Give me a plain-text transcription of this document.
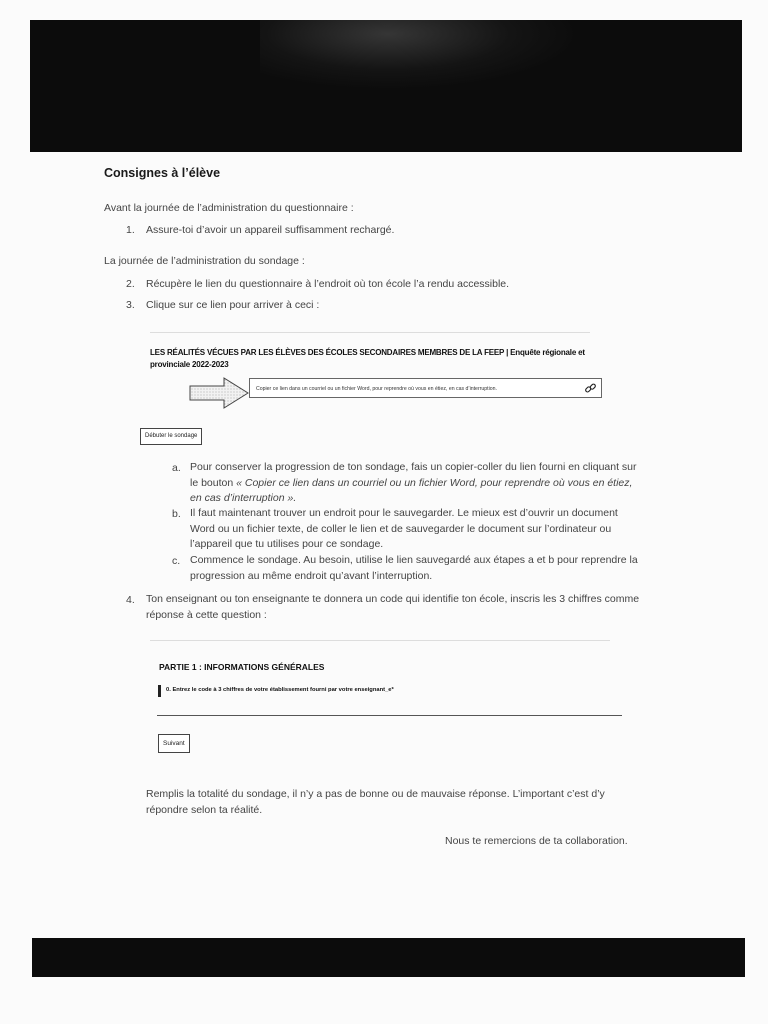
Consignes à l’élève
Avant la journée de l’administration du questionnaire :
1. Assure-toi d’avoir un appareil suffisamment rechargé.
La journée de l’administration du sondage :
2. Récupère le lien du questionnaire à l’endroit où ton école l’a rendu accessible.
3. Clique sur ce lien pour arriver à ceci :
LES RÉALITÉS VÉCUES PAR LES ÉLÈVES DES ÉCOLES SECONDAIRES MEMBRES DE LA FEEP | Enquête régionale et provinciale 2022-2023
Copier ce lien dans un courriel ou un fichier Word, pour reprendre où vous en étiez, en cas d’interruption.
Débuter le sondage
a. Pour conserver la progression de ton sondage, fais un copier-coller du lien fourni en cliquant sur le bouton « Copier ce lien dans un courriel ou un fichier Word, pour reprendre où vous en étiez, en cas d’interruption ».
b. Il faut maintenant trouver un endroit pour le sauvegarder. Le mieux est d’ouvrir un document Word ou un fichier texte, de coller le lien et de sauvegarder le document sur l’ordinateur ou l’appareil que tu utilises pour ce sondage.
c. Commence le sondage. Au besoin, utilise le lien sauvegardé aux étapes a et b pour reprendre la progression au même endroit qu’avant l’interruption.
4. Ton enseignant ou ton enseignante te donnera un code qui identifie ton école, inscris les 3 chiffres comme réponse à cette question :
PARTIE 1 : INFORMATIONS GÉNÉRALES
0. Entrez le code à 3 chiffres de votre établissement fourni par votre enseignant_e*
Suivant
Remplis la totalité du sondage, il n’y a pas de bonne ou de mauvaise réponse. L’important c’est d’y répondre selon ta réalité.
Nous te remercions de ta collaboration.
